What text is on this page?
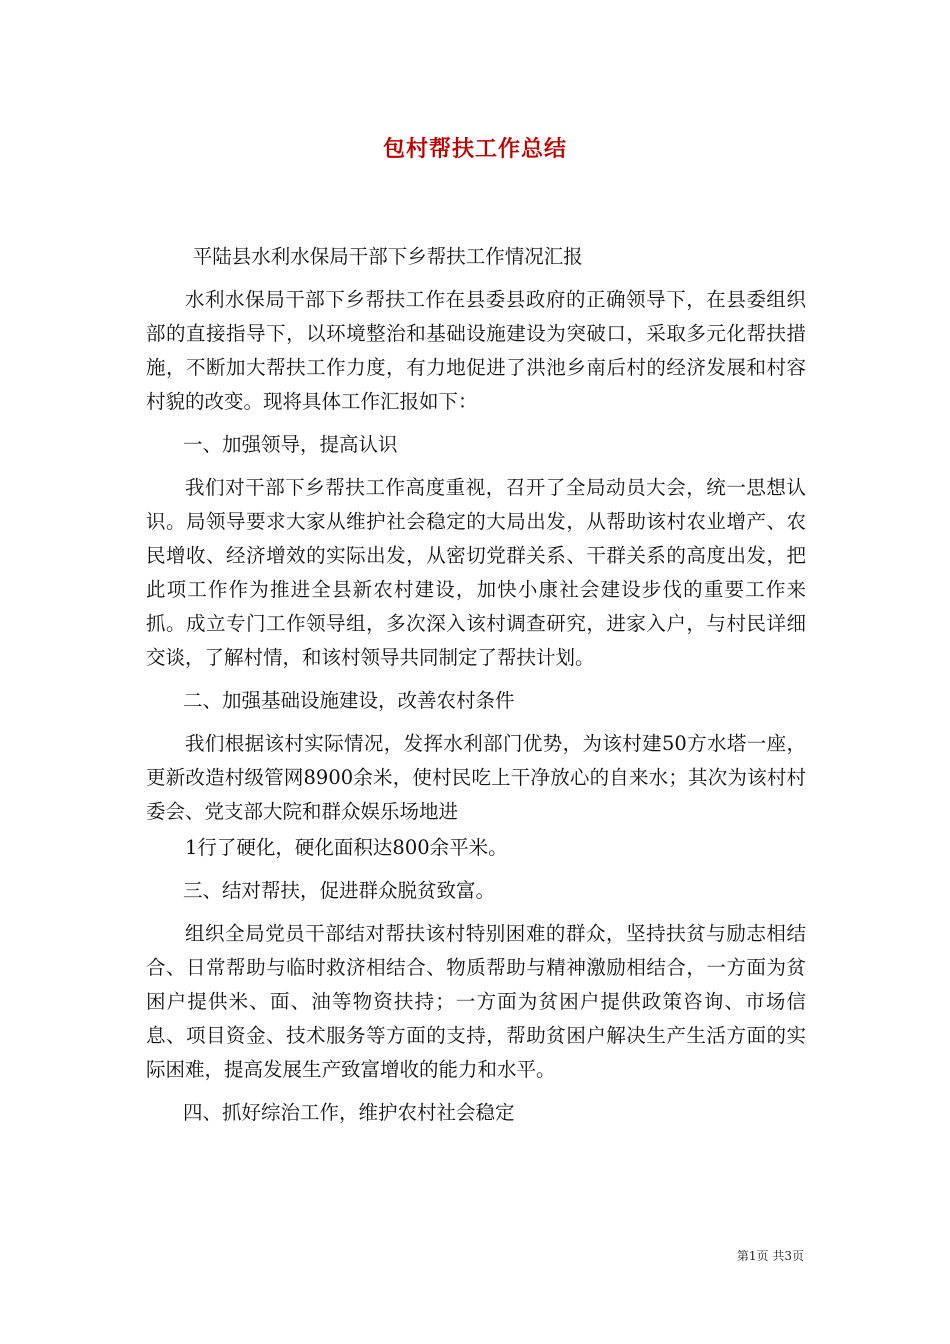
包村帮扶工作总结

平陆县水利水保局干部下乡帮扶工作情况汇报

水利水保局干部下乡帮扶工作在县委县政府的正确领导下，在县委组织部的直接指导下，以环境整治和基础设施建设为突破口，采取多元化帮扶措施，不断加大帮扶工作力度，有力地促进了洪池乡南后村的经济发展和村容村貌的改变。现将具体工作汇报如下：

一、加强领导，提高认识

我们对干部下乡帮扶工作高度重视，召开了全局动员大会，统一思想认识。局领导要求大家从维护社会稳定的大局出发，从帮助该村农业增产、农民增收、经济增效的实际出发，从密切党群关系、干群关系的高度出发，把此项工作作为推进全县新农村建设，加快小康社会建设步伐的重要工作来抓。成立专门工作领导组，多次深入该村调查研究，进家入户，与村民详细交谈，了解村情，和该村领导共同制定了帮扶计划。

二、加强基础设施建设，改善农村条件

我们根据该村实际情况，发挥水利部门优势，为该村建50方水塔一座，更新改造村级管网8900余米，使村民吃上干净放心的自来水；其次为该村村委会、党支部大院和群众娱乐场地进

1行了硬化，硬化面积达800余平米。

三、结对帮扶，促进群众脱贫致富。

组织全局党员干部结对帮扶该村特别困难的群众，坚持扶贫与励志相结合、日常帮助与临时救济相结合、物质帮助与精神激励相结合，一方面为贫困户提供米、面、油等物资扶持；一方面为贫困户提供政策咨询、市场信息、项目资金、技术服务等方面的支持，帮助贫困户解决生产生活方面的实际困难，提高发展生产致富增收的能力和水平。

四、抓好综治工作，维护农村社会稳定

第1页 共3页
